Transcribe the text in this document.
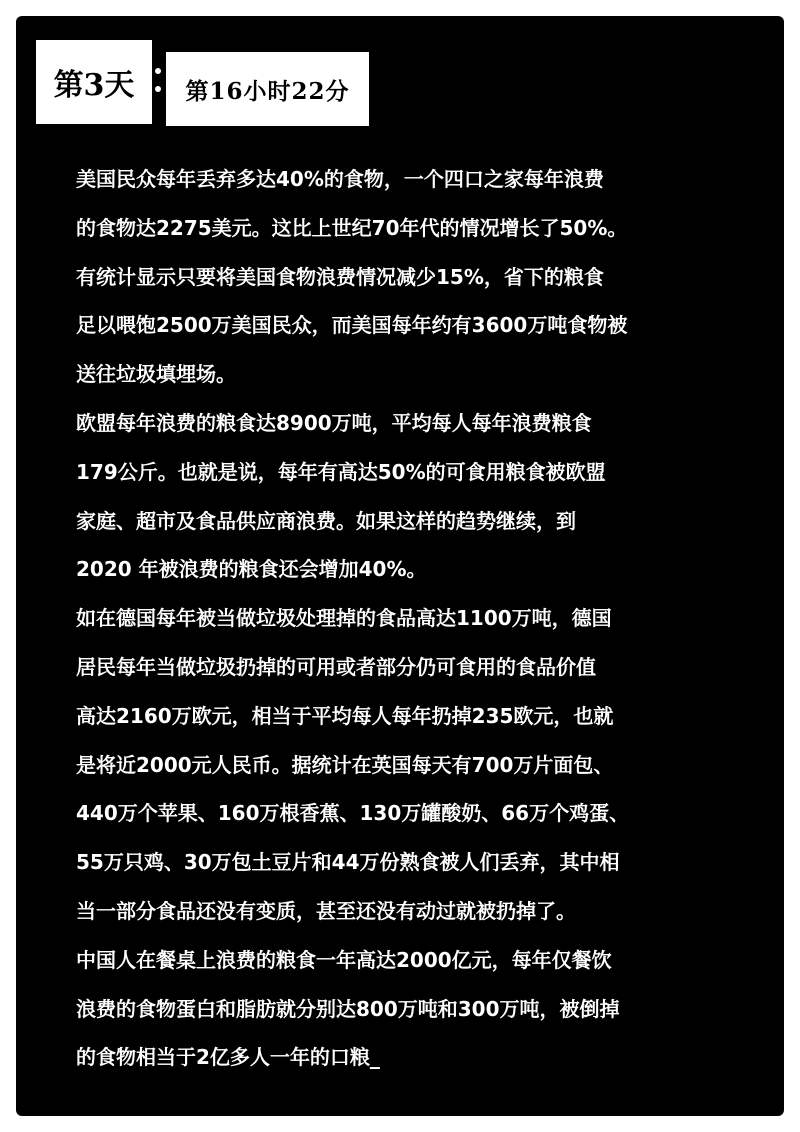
第3天 第16小时22分
美国民众每年丢弃多达40%的食物，一个四口之家每年浪费
的食物达2275美元。这比上世纪70年代的情况增长了50%。
有统计显示只要将美国食物浪费情况减少15%，省下的粮食
足以喂饱2500万美国民众，而美国每年约有3600万吨食物被
送往垃圾填埋场。
欧盟每年浪费的粮食达8900万吨，平均每人每年浪费粮食
179公斤。也就是说，每年有高达50%的可食用粮食被欧盟
家庭、超市及食品供应商浪费。如果这样的趋势继续，到
2020 年被浪费的粮食还会增加40%。
如在德国每年被当做垃圾处理掉的食品高达1100万吨，德国
居民每年当做垃圾扔掉的可用或者部分仍可食用的食品价值
高达2160万欧元，相当于平均每人每年扔掉235欧元，也就
是将近2000元人民币。据统计在英国每天有700万片面包、
440万个苹果、160万根香蕉、130万罐酸奶、66万个鸡蛋、
55万只鸡、30万包土豆片和44万份熟食被人们丢弃，其中相
当一部分食品还没有变质，甚至还没有动过就被扔掉了。
中国人在餐桌上浪费的粮食一年高达2000亿元，每年仅餐饮
浪费的食物蛋白和脂肪就分别达800万吨和300万吨，被倒掉
的食物相当于2亿多人一年的口粮_
